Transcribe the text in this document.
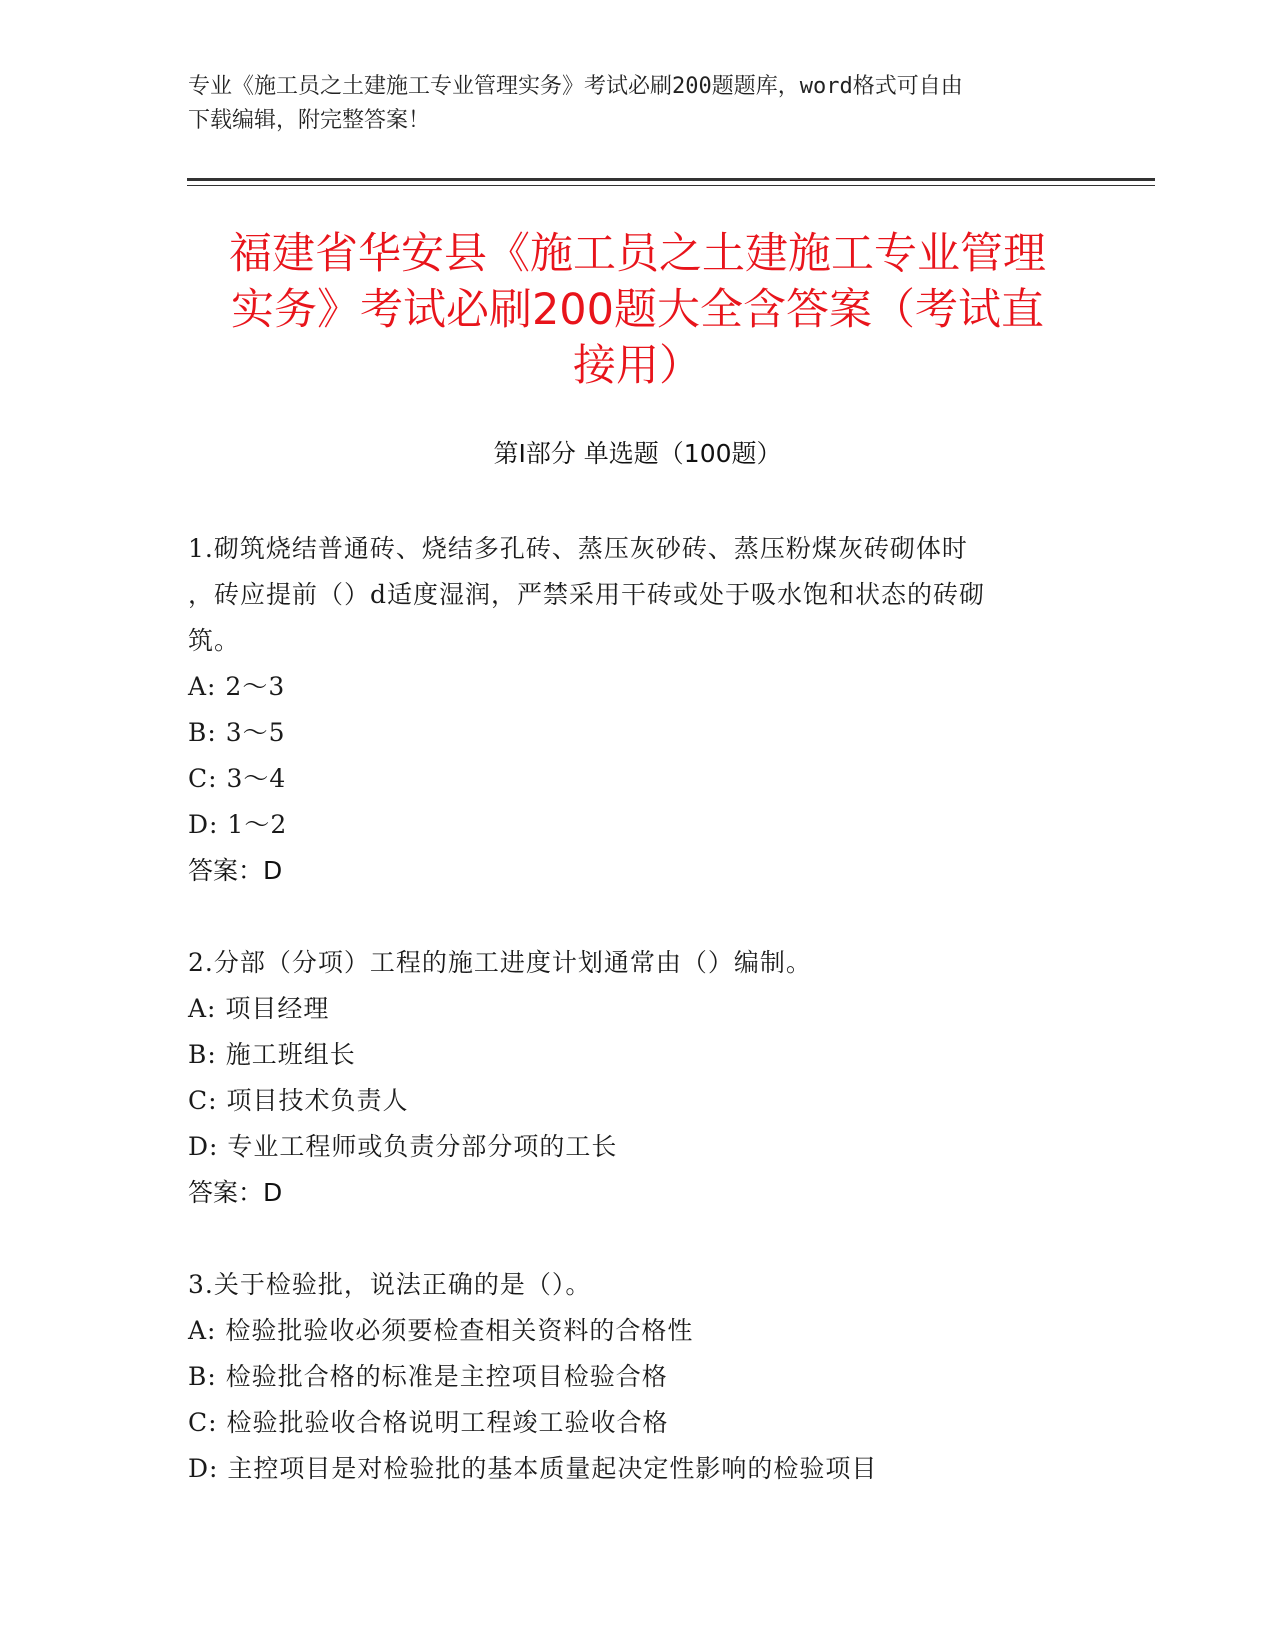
专业《施工员之土建施工专业管理实务》考试必刷200题题库，word格式可自由
下载编辑，附完整答案！
福建省华安县《施工员之土建施工专业管理
实务》考试必刷200题大全含答案（考试直
接用）
第Ⅰ部分 单选题（100题）
1.砌筑烧结普通砖、烧结多孔砖、蒸压灰砂砖、蒸压粉煤灰砖砌体时
，砖应提前（）d适度湿润，严禁采用干砖或处于吸水饱和状态的砖砌
筑。
A: 2～3
B: 3～5
C: 3～4
D: 1～2
答案：D
2.分部（分项）工程的施工进度计划通常由（）编制。
A: 项目经理
B: 施工班组长
C: 项目技术负责人
D: 专业工程师或负责分部分项的工长
答案：D
3.关于检验批，说法正确的是（）。
A: 检验批验收必须要检查相关资料的合格性
B: 检验批合格的标准是主控项目检验合格
C: 检验批验收合格说明工程竣工验收合格
D: 主控项目是对检验批的基本质量起决定性影响的检验项目
